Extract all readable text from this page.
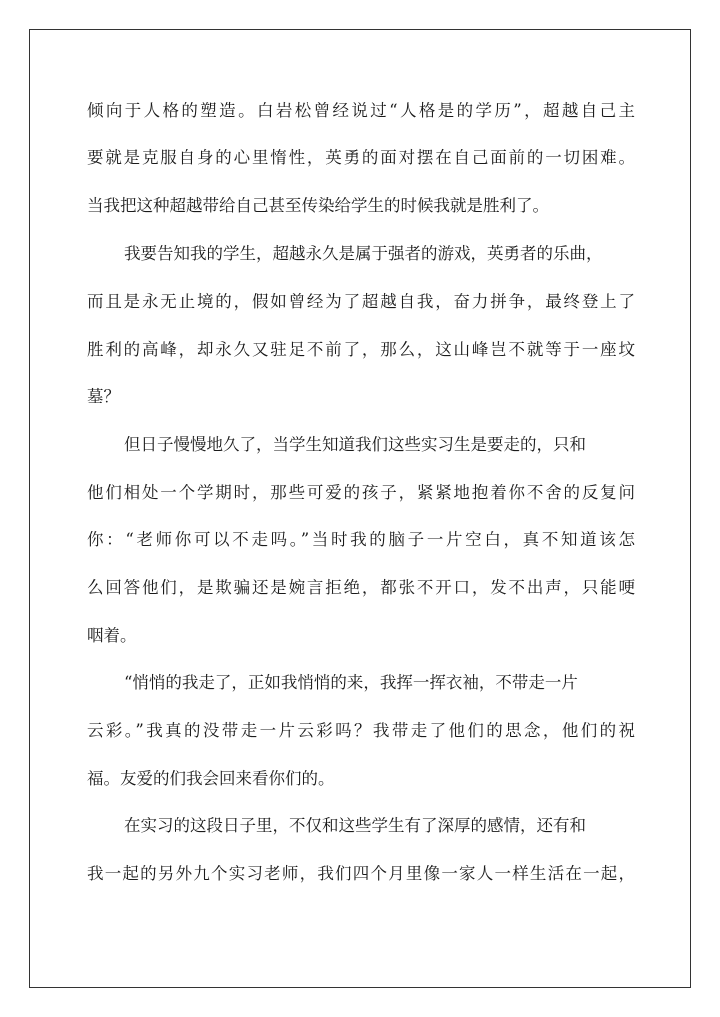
倾向于人格的塑造。白岩松曾经说过“人格是的学历”，超越自己主
要就是克服自身的心里惰性，英勇的面对摆在自己面前的一切困难。
当我把这种超越带给自己甚至传染给学生的时候我就是胜利了。
我要告知我的学生，超越永久是属于强者的游戏，英勇者的乐曲，
而且是永无止境的，假如曾经为了超越自我，奋力拼争，最终登上了
胜利的高峰，却永久又驻足不前了，那么，这山峰岂不就等于一座坟
墓？
但日子慢慢地久了，当学生知道我们这些实习生是要走的，只和
他们相处一个学期时，那些可爱的孩子，紧紧地抱着你不舍的反复问
你：“老师你可以不走吗。”当时我的脑子一片空白，真不知道该怎
么回答他们，是欺骗还是婉言拒绝，都张不开口，发不出声，只能哽
咽着。
“悄悄的我走了，正如我悄悄的来，我挥一挥衣袖，不带走一片
云彩。”我真的没带走一片云彩吗？我带走了他们的思念，他们的祝
福。友爱的们我会回来看你们的。
在实习的这段日子里，不仅和这些学生有了深厚的感情，还有和
我一起的另外九个实习老师，我们四个月里像一家人一样生活在一起，
